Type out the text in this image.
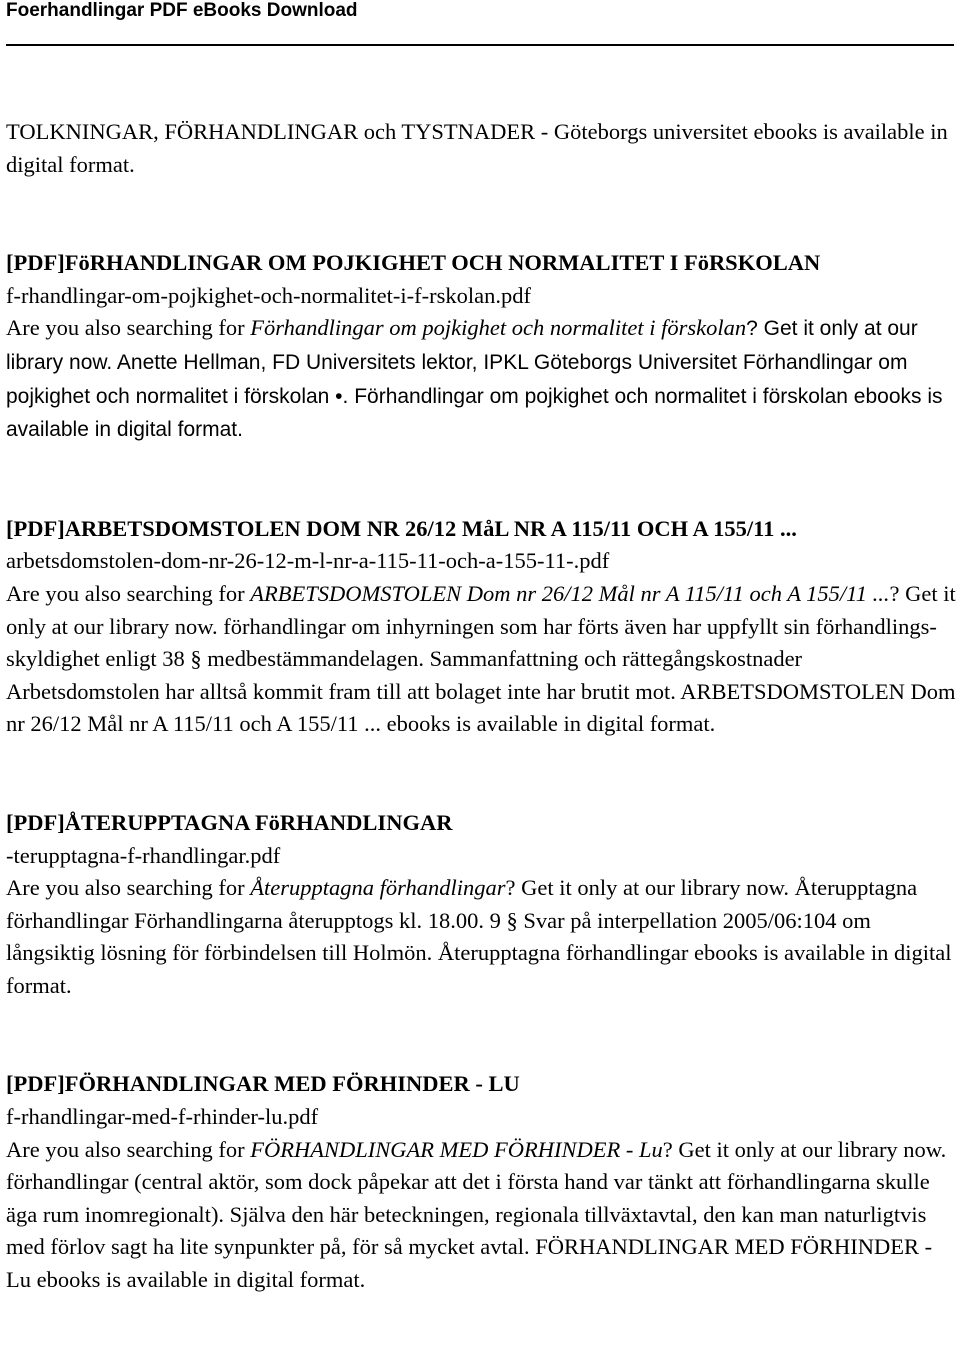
Foerhandlingar PDF eBooks Download

TOLKNINGAR, FÖRHANDLINGAR och TYSTNADER - Göteborgs universitet ebooks is available in digital format.

[PDF]FöRHANDLINGAR OM POJKIGHET OCH NORMALITET I FöRSKOLAN

f-rhandlingar-om-pojkighet-och-normalitet-i-f-rskolan.pdf

Are you also searching for Förhandlingar om pojkighet och normalitet i förskolan? Get it only at our library now. Anette Hellman, FD Universitets lektor, IPKL Göteborgs Universitet Förhandlingar om pojkighet och normalitet i förskolan •. Förhandlingar om pojkighet och normalitet i förskolan ebooks is available in digital format.

[PDF]ARBETSDOMSTOLEN DOM NR 26/12 MåL NR A 115/11 OCH A 155/11 ...

arbetsdomstolen-dom-nr-26-12-m-l-nr-a-115-11-och-a-155-11-.pdf

Are you also searching for ARBETSDOMSTOLEN Dom nr 26/12 Mål nr A 115/11 och A 155/11 ...? Get it only at our library now. förhandlingar om inhyrningen som har förts även har uppfyllt sin förhandlings-skyldighet enligt 38 § medbestämmandelagen. Sammanfattning och rättegångskostnader Arbetsdomstolen har alltså kommit fram till att bolaget inte har brutit mot. ARBETSDOMSTOLEN Dom nr 26/12 Mål nr A 115/11 och A 155/11 ... ebooks is available in digital format.

[PDF]ÅTERUPPTAGNA FöRHANDLINGAR

-terupptagna-f-rhandlingar.pdf

Are you also searching for Återupptagna förhandlingar? Get it only at our library now. Återupptagna förhandlingar Förhandlingarna återupptogs kl. 18.00. 9 § Svar på interpellation 2005/06:104 om långsiktig lösning för förbindelsen till Holmön. Återupptagna förhandlingar ebooks is available in digital format.

[PDF]FÖRHANDLINGAR MED FÖRHINDER - LU

f-rhandlingar-med-f-rhinder-lu.pdf

Are you also searching for FÖRHANDLINGAR MED FÖRHINDER - Lu? Get it only at our library now. förhandlingar (central aktör, som dock påpekar att det i första hand var tänkt att förhandlingarna skulle äga rum inomregionalt). Själva den här beteckningen, regionala tillväxtavtal, den kan man naturligtvis med förlov sagt ha lite synpunkter på, för så mycket avtal. FÖRHANDLINGAR MED FÖRHINDER - Lu ebooks is available in digital format.
